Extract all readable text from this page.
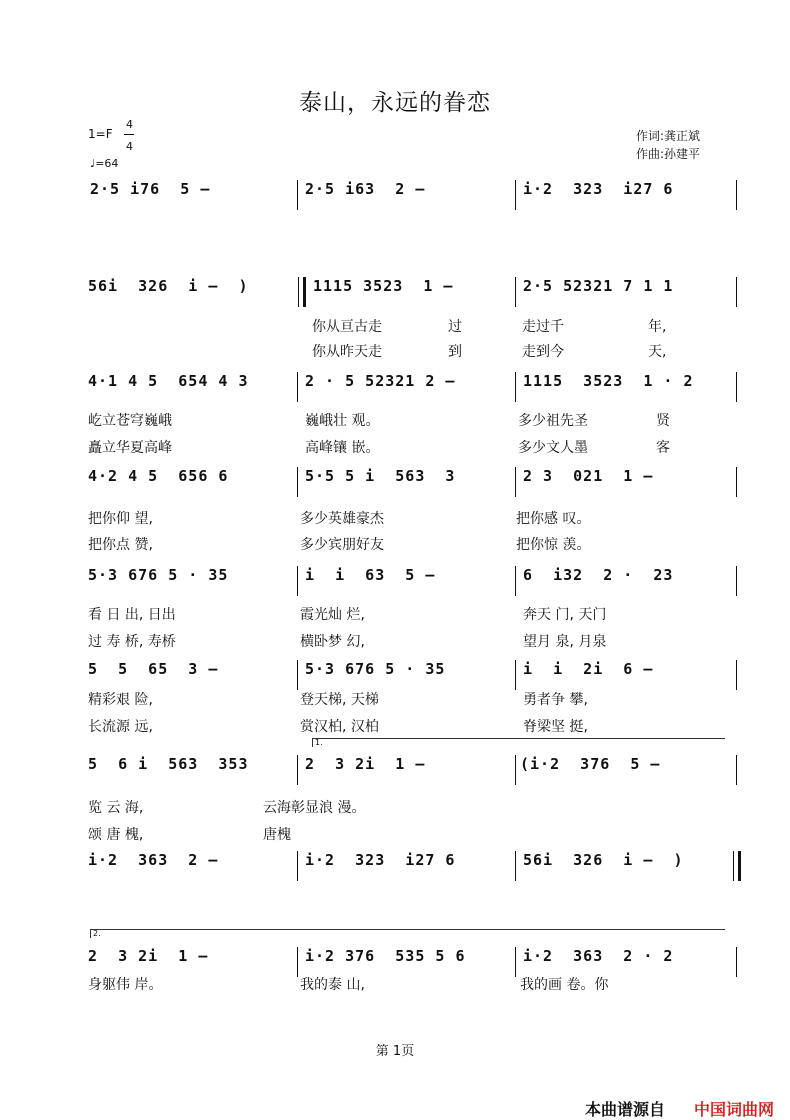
泰山，永远的眷恋
1=F
4
4
♩=64
作词:龚正斌
作曲:孙建平
2·5 i76  5 –	2·5 i63  2 –	i·2  323  i27 6
56i  326  i –  )	1115 3523  1 –	2·5 52321 7 1 1
你从亘古走	过	走过千	年,
你从昨天走	到	走到今	天,
4·1 4 5  654 4 3	2 · 5 52321 2 –	1115  3523  1 · 2
屹立苍穹巍峨	巍峨壮 观。	多少祖先圣	贤
矗立华夏高峰	高峰镶 嵌。	多少文人墨	客
4·2 4 5  656 6	5·5 5 i  563  3	2 3  021  1 –
把你仰 望,	多少英雄豪杰	把你感 叹。
把你点 赞,	多少宾朋好友	把你惊 羡。
5·3 676 5 · 35	i  i  63  5 –	6  i32  2 ·  23
看 日 出, 日出	霞光灿 烂,	奔天 门, 天门
过 寿 桥, 寿桥	横卧梦 幻,	望月 泉, 月泉
5  5  65  3 –	5·3 676 5 · 35	i  i  2i  6 –
精彩艰 险,	登天梯, 天梯	勇者争 攀,
长流源 远,	赏汉柏, 汉柏	脊梁坚 挺,
1.
5  6 i  563  353	2  3 2i  1 –	(i·2  376  5 –
览 云 海,	云海彰显浪 漫。
颂 唐 槐,	唐槐
i·2  363  2 –	i·2  323  i27 6	56i  326  i –  )
2.
2  3 2i  1 –	i·2 376  535 5 6	i·2  363  2 · 2
身躯伟 岸。	我的泰 山,	我的画 卷。你
第 1页
本曲谱源自 中国词曲网
